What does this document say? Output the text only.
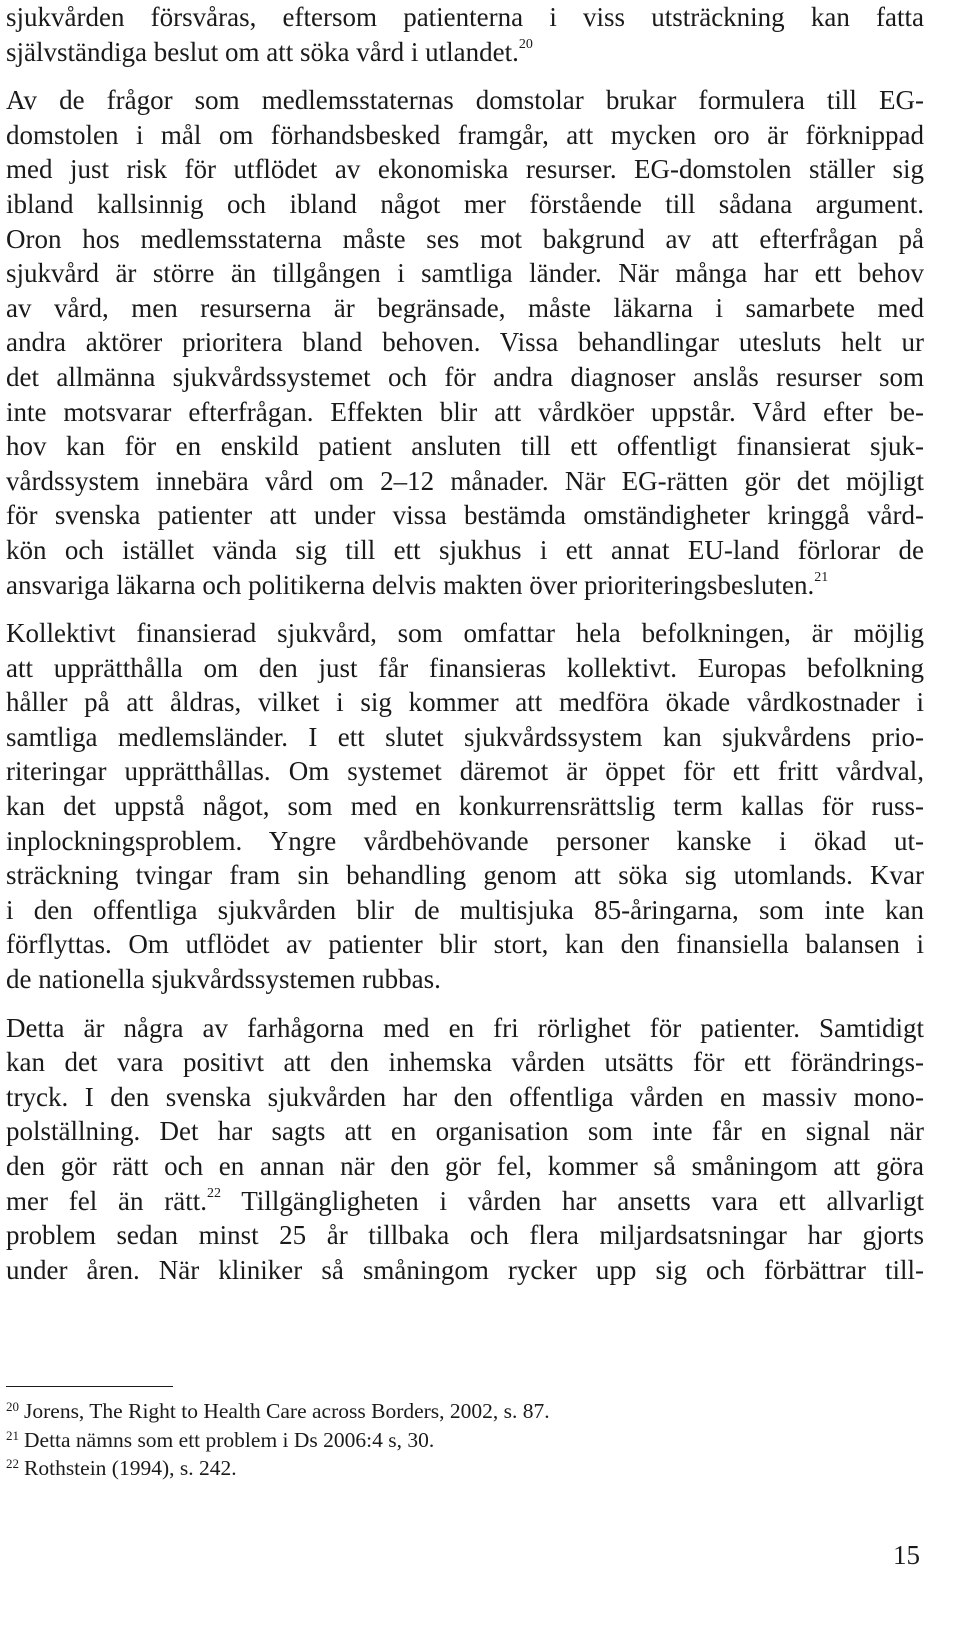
sjukvården försvåras, eftersom patienterna i viss utsträckning kan fatta
självständiga beslut om att söka vård i utlandet.$^{20}$
Av de frågor som medlemsstaternas domstolar brukar formulera till EG-
domstolen i mål om förhandsbesked framgår, att mycken oro är förknippad
med just risk för utflödet av ekonomiska resurser. EG-domstolen ställer sig
ibland kallsinnig och ibland något mer förstående till sådana argument.
Oron hos medlemsstaterna måste ses mot bakgrund av att efterfrågan på
sjukvård är större än tillgången i samtliga länder. När många har ett behov
av vård, men resurserna är begränsade, måste läkarna i samarbete med
andra aktörer prioritera bland behoven. Vissa behandlingar utesluts helt ur
det allmänna sjukvårdssystemet och för andra diagnoser anslås resurser som
inte motsvarar efterfrågan. Effekten blir att vårdköer uppstår. Vård efter be-
hov kan för en enskild patient ansluten till ett offentligt finansierat sjuk-
vårdssystem innebära vård om 2–12 månader. När EG-rätten gör det möjligt
för svenska patienter att under vissa bestämda omständigheter kringgå vård-
kön och istället vända sig till ett sjukhus i ett annat EU-land förlorar de
ansvariga läkarna och politikerna delvis makten över prioriteringsbesluten.$^{21}$
Kollektivt finansierad sjukvård, som omfattar hela befolkningen, är möjlig
att upprätthålla om den just får finansieras kollektivt. Europas befolkning
håller på att åldras, vilket i sig kommer att medföra ökade vårdkostnader i
samtliga medlemsländer. I ett slutet sjukvårdssystem kan sjukvårdens prio-
riteringar upprätthållas. Om systemet däremot är öppet för ett fritt vårdval,
kan det uppstå något, som med en konkurrensrättslig term kallas för russ-
inplockningsproblem. Yngre vårdbehövande personer kanske i ökad ut-
sträckning tvingar fram sin behandling genom att söka sig utomlands. Kvar
i den offentliga sjukvården blir de multisjuka 85-åringarna, som inte kan
förflyttas. Om utflödet av patienter blir stort, kan den finansiella balansen i
de nationella sjukvårdssystemen rubbas.
Detta är några av farhågorna med en fri rörlighet för patienter. Samtidigt
kan det vara positivt att den inhemska vården utsätts för ett förändrings-
tryck. I den svenska sjukvården har den offentliga vården en massiv mono-
polställning. Det har sagts att en organisation som inte får en signal när
den gör rätt och en annan när den gör fel, kommer så småningom att göra
mer fel än rätt.$^{22}$ Tillgängligheten i vården har ansetts vara ett allvarligt
problem sedan minst 25 år tillbaka och flera miljardsatsningar har gjorts
under åren. När kliniker så småningom rycker upp sig och förbättrar till-
20 Jorens, The Right to Health Care across Borders, 2002, s. 87.
21 Detta nämns som ett problem i Ds 2006:4 s, 30.
22 Rothstein (1994), s. 242.
15
